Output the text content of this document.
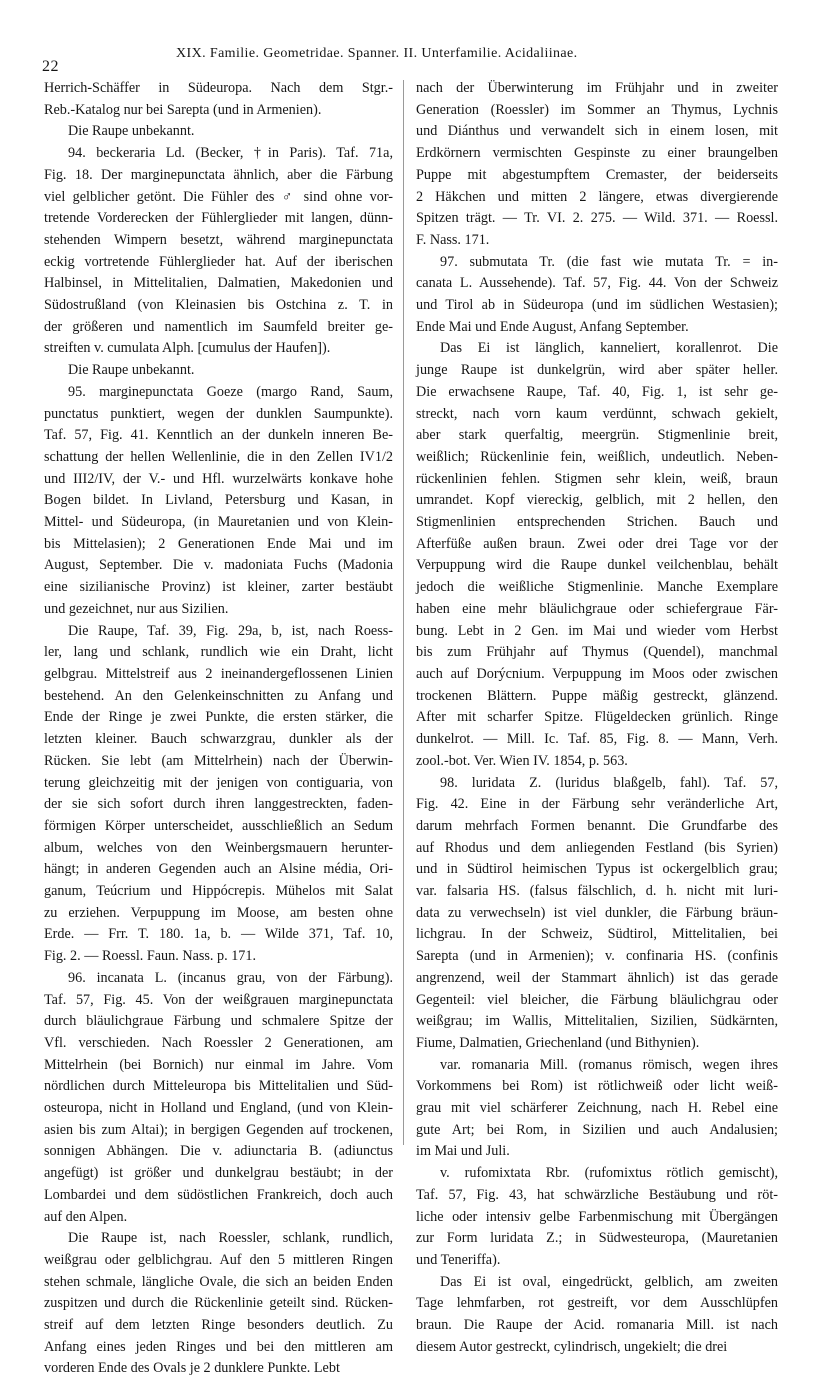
22
XIX. Familie. Geometridae. Spanner. II. Unterfamilie. Acidaliinae.
Herrich-Schäffer in Südeuropa. Nach dem Stgr.-
Reb.-Katalog nur bei Sarepta (und in Armenien).
Die Raupe unbekannt.
94. beckeraria Ld. (Becker, †in Paris). Taf. 71a,
Fig. 18. Der marginepunctata ähnlich, aber die Färbung
viel gelblicher getönt. Die Fühler des ♂ sind ohne vor-
tretende Vorderecken der Fühlerglieder mit langen, dünn-
stehenden Wimpern besetzt, während marginepunctata
eckig vortretende Fühlerglieder hat. Auf der iberischen
Halbinsel, in Mittelitalien, Dalmatien, Makedonien und
Südostrußland (von Kleinasien bis Ostchina z. T. in
der größeren und namentlich im Saumfeld breiter ge-
streiften v. cumulata Alph. [cumulus der Haufen]).
Die Raupe unbekannt.
95. marginepunctata Goeze (margo Rand, Saum,
punctatus punktiert, wegen der dunklen Saumpunkte).
Taf. 57, Fig. 41. Kenntlich an der dunkeln inneren Be-
schattung der hellen Wellenlinie, die in den Zellen IV1/2
und III2/IV, der V.- und Hfl. wurzelwärts konkave hohe
Bogen bildet. In Livland, Petersburg und Kasan, in
Mittel- und Südeuropa, (in Mauretanien und von Klein-
bis Mittelasien); 2 Generationen Ende Mai und im
August, September. Die v. madoniata Fuchs (Madonia
eine sizilianische Provinz) ist kleiner, zarter bestäubt
und gezeichnet, nur aus Sizilien.
Die Raupe, Taf. 39, Fig. 29a, b, ist, nach Roess-
ler, lang und schlank, rundlich wie ein Draht, licht
gelbgrau. Mittelstreif aus 2 ineinandergeflossenen Linien
bestehend. An den Gelenkeinschnitten zu Anfang und
Ende der Ringe je zwei Punkte, die ersten stärker, die
letzten kleiner. Bauch schwarzgrau, dunkler als der
Rücken. Sie lebt (am Mittelrhein) nach der Überwin-
terung gleichzeitig mit der jenigen von contiguaria, von
der sie sich sofort durch ihren langgestreckten, faden-
förmigen Körper unterscheidet, ausschließlich an Sedum
album, welches von den Weinbergsmauern herunter-
hängt; in anderen Gegenden auch an Alsine média, Ori-
ganum, Teúcrium und Hippócrepis. Mühelos mit Salat
zu erziehen. Verpuppung im Moose, am besten ohne
Erde. — Frr. T. 180. 1a, b. — Wilde 371, Taf. 10,
Fig. 2. — Roessl. Faun. Nass. p. 171.
96. incanata L. (incanus grau, von der Färbung).
Taf. 57, Fig. 45. Von der weißgrauen marginepunctata
durch bläulichgraue Färbung und schmalere Spitze der
Vfl. verschieden. Nach Roessler 2 Generationen, am
Mittelrhein (bei Bornich) nur einmal im Jahre. Vom
nördlichen durch Mitteleuropa bis Mittelitalien und Süd-
osteuropa, nicht in Holland und England, (und von Klein-
asien bis zum Altai); in bergigen Gegenden auf trockenen,
sonnigen Abhängen. Die v. adiunctaria B. (adiunctus
angefügt) ist größer und dunkelgrau bestäubt; in der
Lombardei und dem südöstlichen Frankreich, doch auch
auf den Alpen.
Die Raupe ist, nach Roessler, schlank, rundlich,
weißgrau oder gelblichgrau. Auf den 5 mittleren Ringen
stehen schmale, längliche Ovale, die sich an beiden Enden
zuspitzen und durch die Rückenlinie geteilt sind. Rücken-
streif auf dem letzten Ringe besonders deutlich. Zu
Anfang eines jeden Ringes und bei den mittleren am
vorderen Ende des Ovals je 2 dunklere Punkte. Lebt
nach der Überwinterung im Frühjahr und in zweiter
Generation (Roessler) im Sommer an Thymus, Lychnis
und Diánthus und verwandelt sich in einem losen, mit
Erdkörnern vermischten Gespinste zu einer braungelben
Puppe mit abgestumpftem Cremaster, der beiderseits
2 Häkchen und mitten 2 längere, etwas divergierende
Spitzen trägt. — Tr. VI. 2. 275. — Wild. 371. — Roessl.
F. Nass. 171.
97. submutata Tr. (die fast wie mutata Tr. = in-
canata L. Aussehende). Taf. 57, Fig. 44. Von der Schweiz
und Tirol ab in Südeuropa (und im südlichen Westasien);
Ende Mai und Ende August, Anfang September.
Das Ei ist länglich, kanneliert, korallenrot. Die
junge Raupe ist dunkelgrün, wird aber später heller.
Die erwachsene Raupe, Taf. 40, Fig. 1, ist sehr ge-
streckt, nach vorn kaum verdünnt, schwach gekielt,
aber stark querfaltig, meergrün. Stigmenlinie breit,
weißlich; Rückenlinie fein, weißlich, undeutlich. Neben-
rückenlinien fehlen. Stigmen sehr klein, weiß, braun
umrandet. Kopf viereckig, gelblich, mit 2 hellen, den
Stigmenlinien entsprechenden Strichen. Bauch und
Afterfüße außen braun. Zwei oder drei Tage vor der
Verpuppung wird die Raupe dunkel veilchenblau, behält
jedoch die weißliche Stigmenlinie. Manche Exemplare
haben eine mehr bläulichgraue oder schiefergraue Fär-
bung. Lebt in 2 Gen. im Mai und wieder vom Herbst
bis zum Frühjahr auf Thymus (Quendel), manchmal
auch auf Dorýcnium. Verpuppung im Moos oder zwischen
trockenen Blättern. Puppe mäßig gestreckt, glänzend.
After mit scharfer Spitze. Flügeldecken grünlich. Ringe
dunkelrot. — Mill. Ic. Taf. 85, Fig. 8. — Mann, Verh.
zool.-bot. Ver. Wien IV. 1854, p. 563.
98. luridata Z. (luridus blaßgelb, fahl). Taf. 57,
Fig. 42. Eine in der Färbung sehr veränderliche Art,
darum mehrfach Formen benannt. Die Grundfarbe des
auf Rhodus und dem anliegenden Festland (bis Syrien)
und in Südtirol heimischen Typus ist ockergelblich grau;
var. falsaria HS. (falsus fälschlich, d. h. nicht mit luri-
data zu verwechseln) ist viel dunkler, die Färbung bräun-
lichgrau. In der Schweiz, Südtirol, Mittelitalien, bei
Sarepta (und in Armenien); v. confinaria HS. (confinis
angrenzend, weil der Stammart ähnlich) ist das gerade
Gegenteil: viel bleicher, die Färbung bläulichgrau oder
weißgrau; im Wallis, Mittelitalien, Sizilien, Südkärnten,
Fiume, Dalmatien, Griechenland (und Bithynien).
var. romanaria Mill. (romanus römisch, wegen ihres
Vorkommens bei Rom) ist rötlichweiß oder licht weiß-
grau mit viel schärferer Zeichnung, nach H. Rebel eine
gute Art; bei Rom, in Sizilien und auch Andalusien;
im Mai und Juli.
v. rufomixtata Rbr. (rufomixtus rötlich gemischt),
Taf. 57, Fig. 43, hat schwärzliche Bestäubung und röt-
liche oder intensiv gelbe Farbenmischung mit Übergängen
zur Form luridata Z.; in Südwesteuropa, (Mauretanien
und Teneriffa).
Das Ei ist oval, eingedrückt, gelblich, am zweiten
Tage lehmfarben, rot gestreift, vor dem Ausschlüpfen
braun. Die Raupe der Acid. romanaria Mill. ist nach
diesem Autor gestreckt, cylindrisch, ungekielt; die drei
